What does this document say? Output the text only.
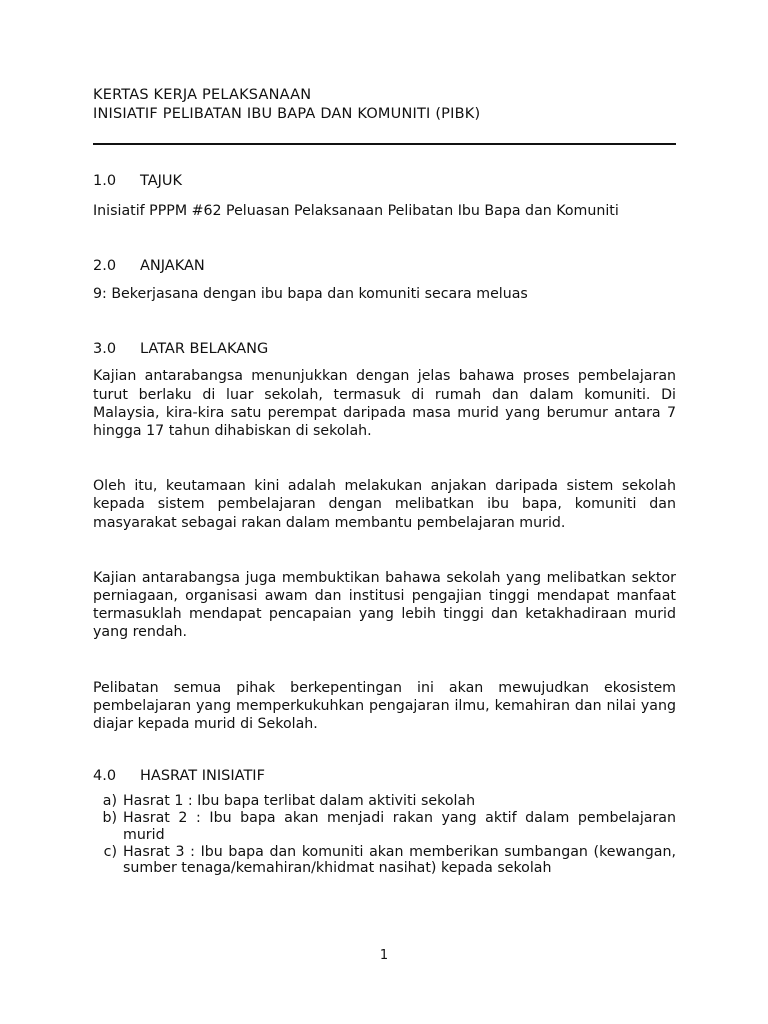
KERTAS KERJA PELAKSANAAN
INISIATIF PELIBATAN IBU BAPA DAN KOMUNITI (PIBK)
1.0	TAJUK

Inisiatif PPPM #62 Peluasan Pelaksanaan Pelibatan Ibu Bapa dan Komuniti

2.0	ANJAKAN

9: Bekerjasana dengan ibu bapa dan komuniti secara meluas

3.0	LATAR BELAKANG

Kajian antarabangsa menunjukkan dengan jelas bahawa proses pembelajaran turut berlaku di luar sekolah, termasuk di rumah dan dalam komuniti. Di Malaysia, kira-kira satu perempat daripada masa murid yang berumur antara 7 hingga 17 tahun dihabiskan di sekolah.

Oleh itu, keutamaan kini adalah melakukan anjakan daripada sistem sekolah kepada sistem pembelajaran dengan melibatkan ibu bapa, komuniti dan masyarakat sebagai rakan dalam membantu pembelajaran murid.

Kajian antarabangsa juga membuktikan bahawa sekolah yang melibatkan sektor perniagaan, organisasi awam dan institusi pengajian tinggi mendapat manfaat termasuklah mendapat pencapaian yang lebih tinggi dan ketakhadiraan murid yang rendah.

Pelibatan semua pihak berkepentingan ini akan mewujudkan ekosistem pembelajaran yang memperkukuhkan pengajaran ilmu, kemahiran dan nilai yang diajar kepada murid di Sekolah.

4.0	HASRAT INISIATIF
a) Hasrat 1 : Ibu bapa terlibat dalam aktiviti sekolah
b) Hasrat 2 : Ibu bapa akan menjadi rakan yang aktif dalam pembelajaran murid
c) Hasrat 3 : Ibu bapa dan komuniti akan memberikan sumbangan (kewangan, sumber tenaga/kemahiran/khidmat nasihat) kepada sekolah
1
